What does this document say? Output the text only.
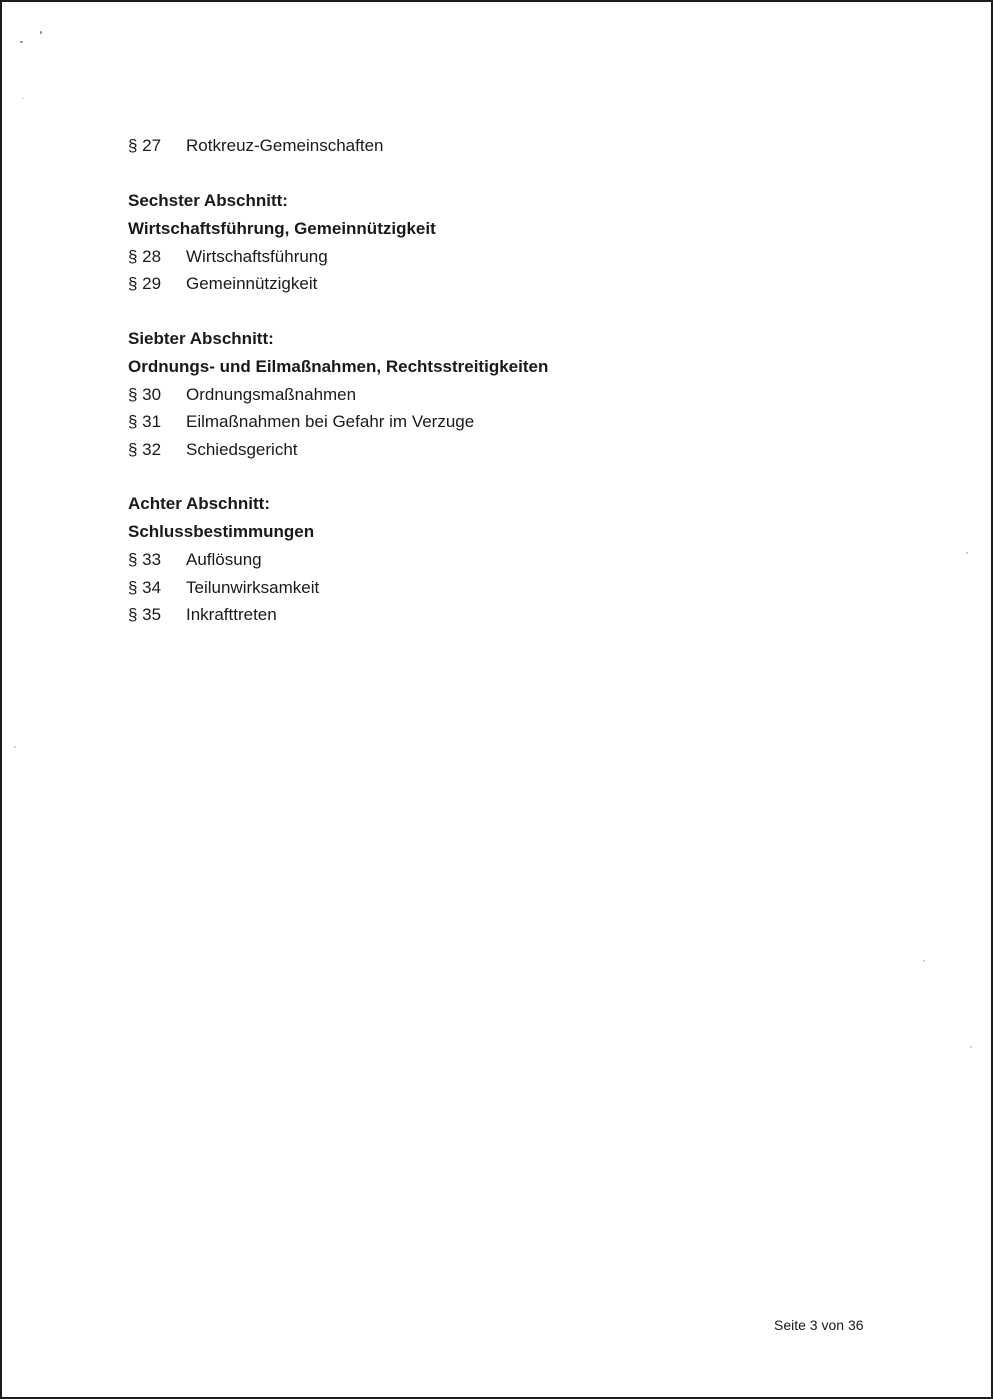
§ 27	Rotkreuz-Gemeinschaften
Sechster Abschnitt:
Wirtschaftsführung, Gemeinnützigkeit
§ 28	Wirtschaftsführung
§ 29	Gemeinnützigkeit
Siebter Abschnitt:
Ordnungs- und Eilmaßnahmen, Rechtsstreitigkeiten
§ 30	Ordnungsmaßnahmen
§ 31	Eilmaßnahmen bei Gefahr im Verzuge
§ 32	Schiedsgericht
Achter Abschnitt:
Schlussbestimmungen
§ 33	Auflösung
§ 34	Teilunwirksamkeit
§ 35	Inkrafttreten
Seite 3 von 36
